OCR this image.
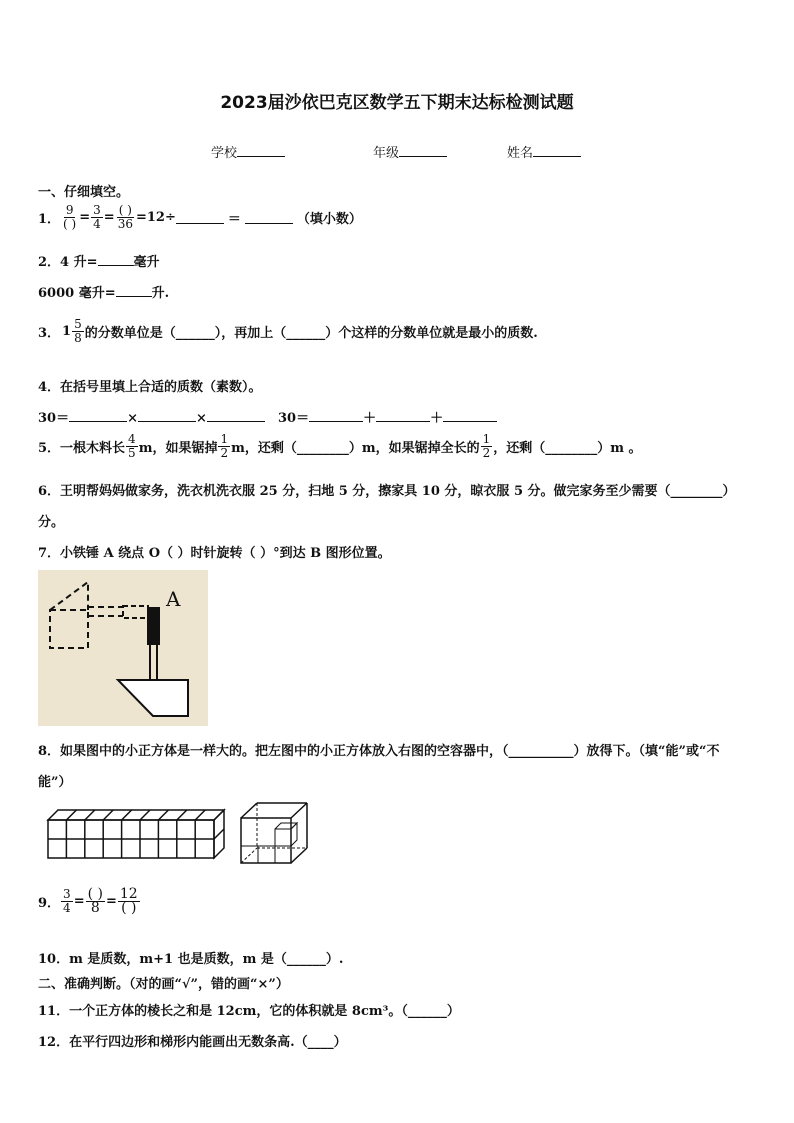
2023届沙依巴克区数学五下期末达标检测试题
学校	年级	姓名
一、仔细填空。
1． $\frac{9}{( )} = \frac{3}{4} = \frac{( )}{36} =12\div$	＝	（填小数）
2．4 升=	毫升
6000 毫升=	升.
3． $1 \frac{5}{8}$ 的分数单位是（______），再加上（______）个这样的分数单位就是最小的质数.
4．在括号里填上合适的质数（素数）。
30＝	×	×	30＝	＋	＋
5．一根木料长 $\frac{4}{5}$ m，如果锯掉 $\frac{1}{2}$ m，还剩（________）m，如果锯掉全长的 $\frac{1}{2}$ ，还剩（________）m 。
6．王明帮妈妈做家务，洗衣机洗衣服 25 分，扫地 5 分，擦家具 10 分，晾衣服 5 分。做完家务至少需要（________）
分。
7．小铁锤 A 绕点 O（ ）时针旋转（ ）°到达 B 图形位置。
A
8．如果图中的小正方体是一样大的。把左图中的小正方体放入右图的空容器中，（__________）放得下。（填“能”或“不
能”）
9． $\frac{3}{4} = \frac{( )}{8} = \frac{12}{( )}$
10．m 是质数，m+1 也是质数，m 是（______）.
二、准确判断。（对的画“√”，错的画“×”）
11．一个正方体的棱长之和是 12cm，它的体积就是 8cm³。（______）
12．在平行四边形和梯形内能画出无数条高.（____）
